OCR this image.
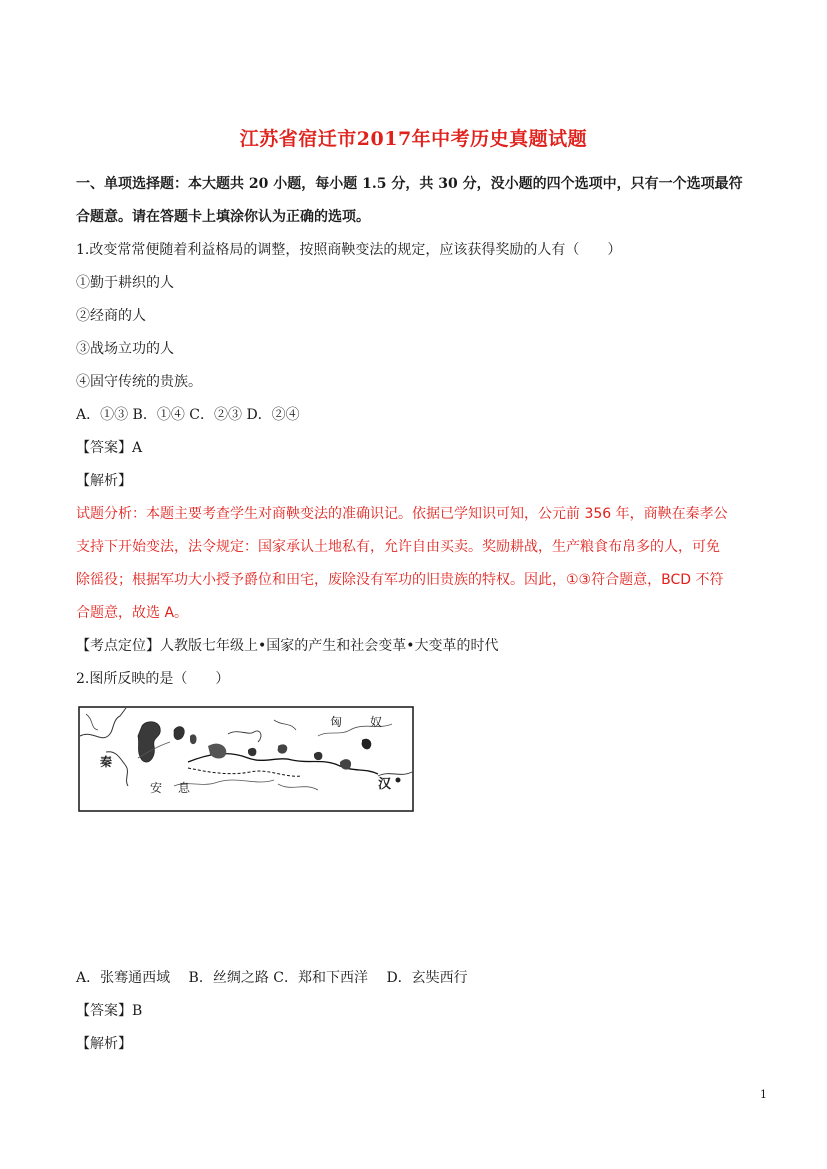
江苏省宿迁市2017年中考历史真题试题
一、单项选择题：本大题共 20 小题，每小题 1.5 分，共 30 分，没小题的四个选项中，只有一个选项最符
合题意。请在答题卡上填涂你认为正确的选项。
1.改变常常便随着利益格局的调整，按照商鞅变法的规定，应该获得奖励的人有（　　）
①勤于耕织的人
②经商的人
③战场立功的人
④固守传统的贵族。
A．①③ B．①④ C．②③ D．②④
【答案】A
【解析】
试题分析：本题主要考查学生对商鞅变法的准确识记。依据已学知识可知，公元前 356 年，商鞅在秦孝公
支持下开始变法，法令规定：国家承认土地私有，允许自由买卖。奖励耕战，生产粮食布帛多的人，可免
除徭役；根据军功大小授予爵位和田宅，废除没有军功的旧贵族的特权。因此，①③符合题意，BCD 不符
合题意，故选 A。
【考点定位】人教版七年级上•国家的产生和社会变革•大变革的时代
2.图所反映的是（　　）
匈 奴
秦
安 息	汉
A．张骞通西域　 B．丝绸之路 C．郑和下西洋　 D．玄奘西行
【答案】B
【解析】
1
